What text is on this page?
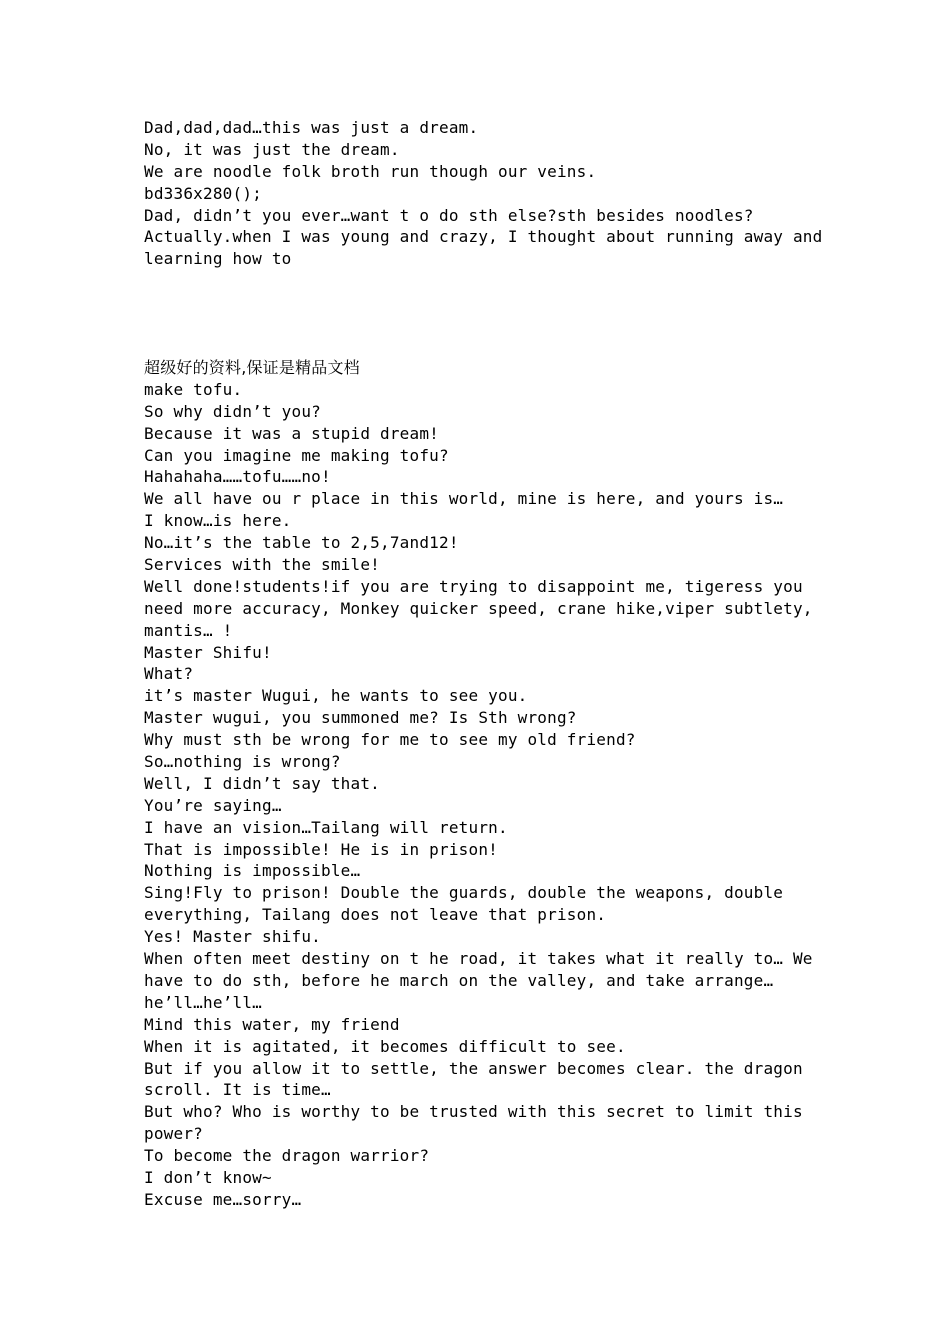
Dad,dad,dad…this was just a dream.
No, it was just the dream.
We are noodle folk broth run though our veins.
bd336x280();
Dad, didn’t you ever…want t o do sth else?sth besides noodles?
Actually.when I was young and crazy, I thought about running away and
learning how to
超级好的资料,保证是精品文档
make tofu.
So why didn’t you?
Because it was a stupid dream!
Can you imagine me making tofu?
Hahahaha……tofu……no!
We all have ou r place in this world, mine is here, and yours is…
I know…is here.
No…it’s the table to 2,5,7and12!
Services with the smile!
Well done!students!if you are trying to disappoint me, tigeress you
need more accuracy, Monkey quicker speed, crane hike,viper subtlety,
mantis… !
Master Shifu!
What?
it’s master Wugui, he wants to see you.
Master wugui, you summoned me? Is Sth wrong?
Why must sth be wrong for me to see my old friend?
So…nothing is wrong?
Well, I didn’t say that.
You’re saying…
I have an vision…Tailang will return.
That is impossible! He is in prison!
Nothing is impossible…
Sing!Fly to prison! Double the guards, double the weapons, double
everything, Tailang does not leave that prison.
Yes! Master shifu.
When often meet destiny on t he road, it takes what it really to… We
have to do sth, before he march on the valley, and take arrange…
he’ll…he’ll…
Mind this water, my friend
When it is agitated, it becomes difficult to see.
But if you allow it to settle, the answer becomes clear. the dragon
scroll. It is time…
But who? Who is worthy to be trusted with this secret to limit this
power?
To become the dragon warrior?
I don’t know~
Excuse me…sorry…
